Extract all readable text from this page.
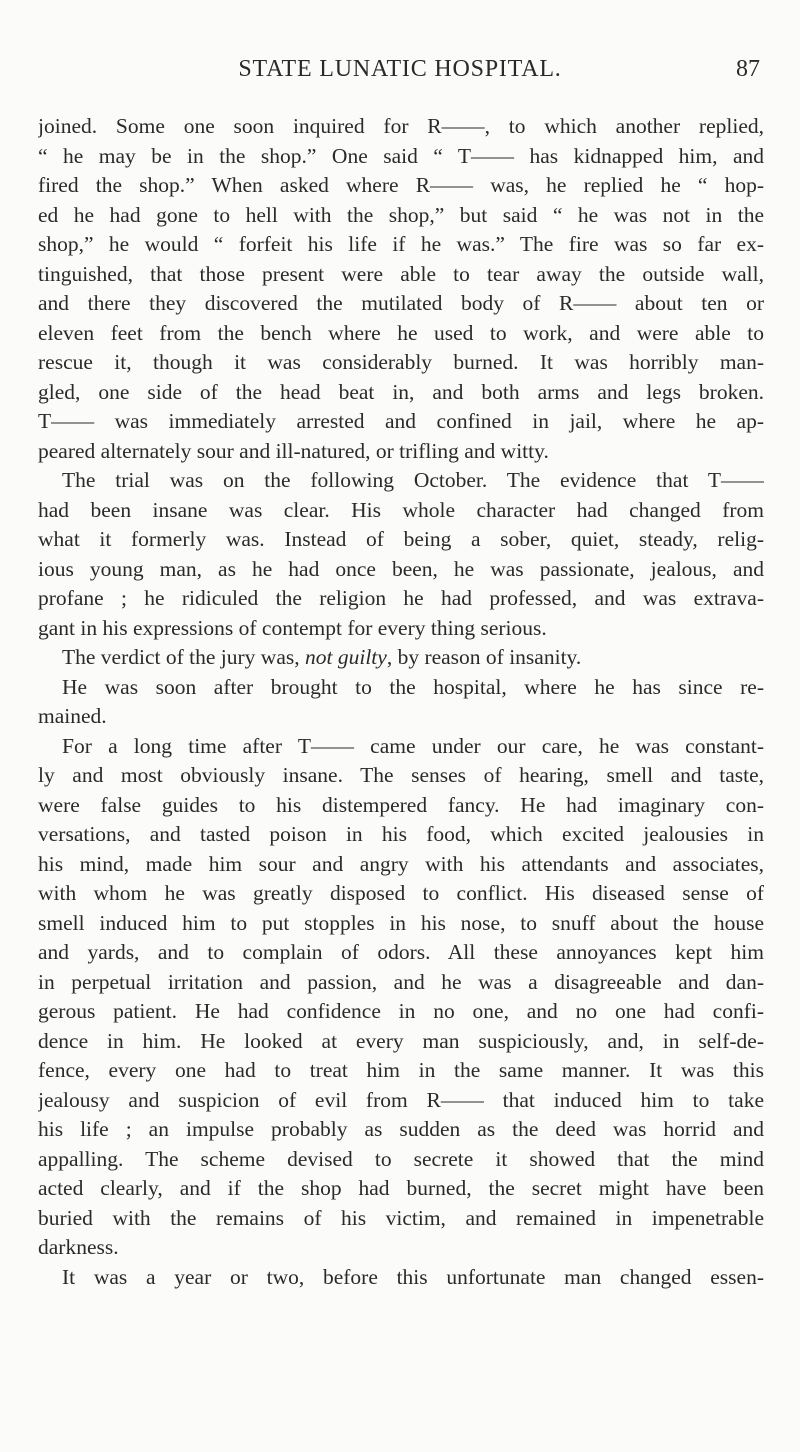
STATE LUNATIC HOSPITAL.	87
joined. Some one soon inquired for R——, to which another replied,
“ he may be in the shop.” One said “ T—— has kidnapped him, and
fired the shop.” When asked where R—— was, he replied he “ hop-
ed he had gone to hell with the shop,” but said “ he was not in the
shop,” he would “ forfeit his life if he was.” The fire was so far ex-
tinguished, that those present were able to tear away the outside wall,
and there they discovered the mutilated body of R—— about ten or
eleven feet from the bench where he used to work, and were able to
rescue it, though it was considerably burned. It was horribly man-
gled, one side of the head beat in, and both arms and legs broken.
T—— was immediately arrested and confined in jail, where he ap-
peared alternately sour and ill-natured, or trifling and witty.
The trial was on the following October. The evidence that T——
had been insane was clear. His whole character had changed from
what it formerly was. Instead of being a sober, quiet, steady, relig-
ious young man, as he had once been, he was passionate, jealous, and
profane ; he ridiculed the religion he had professed, and was extrava-
gant in his expressions of contempt for every thing serious.
The verdict of the jury was, not guilty, by reason of insanity.
He was soon after brought to the hospital, where he has since re-
mained.
For a long time after T—— came under our care, he was constant-
ly and most obviously insane. The senses of hearing, smell and taste,
were false guides to his distempered fancy. He had imaginary con-
versations, and tasted poison in his food, which excited jealousies in
his mind, made him sour and angry with his attendants and associates,
with whom he was greatly disposed to conflict. His diseased sense of
smell induced him to put stopples in his nose, to snuff about the house
and yards, and to complain of odors. All these annoyances kept him
in perpetual irritation and passion, and he was a disagreeable and dan-
gerous patient. He had confidence in no one, and no one had confi-
dence in him. He looked at every man suspiciously, and, in self-de-
fence, every one had to treat him in the same manner. It was this
jealousy and suspicion of evil from R—— that induced him to take
his life ; an impulse probably as sudden as the deed was horrid and
appalling. The scheme devised to secrete it showed that the mind
acted clearly, and if the shop had burned, the secret might have been
buried with the remains of his victim, and remained in impenetrable
darkness.
It was a year or two, before this unfortunate man changed essen-
